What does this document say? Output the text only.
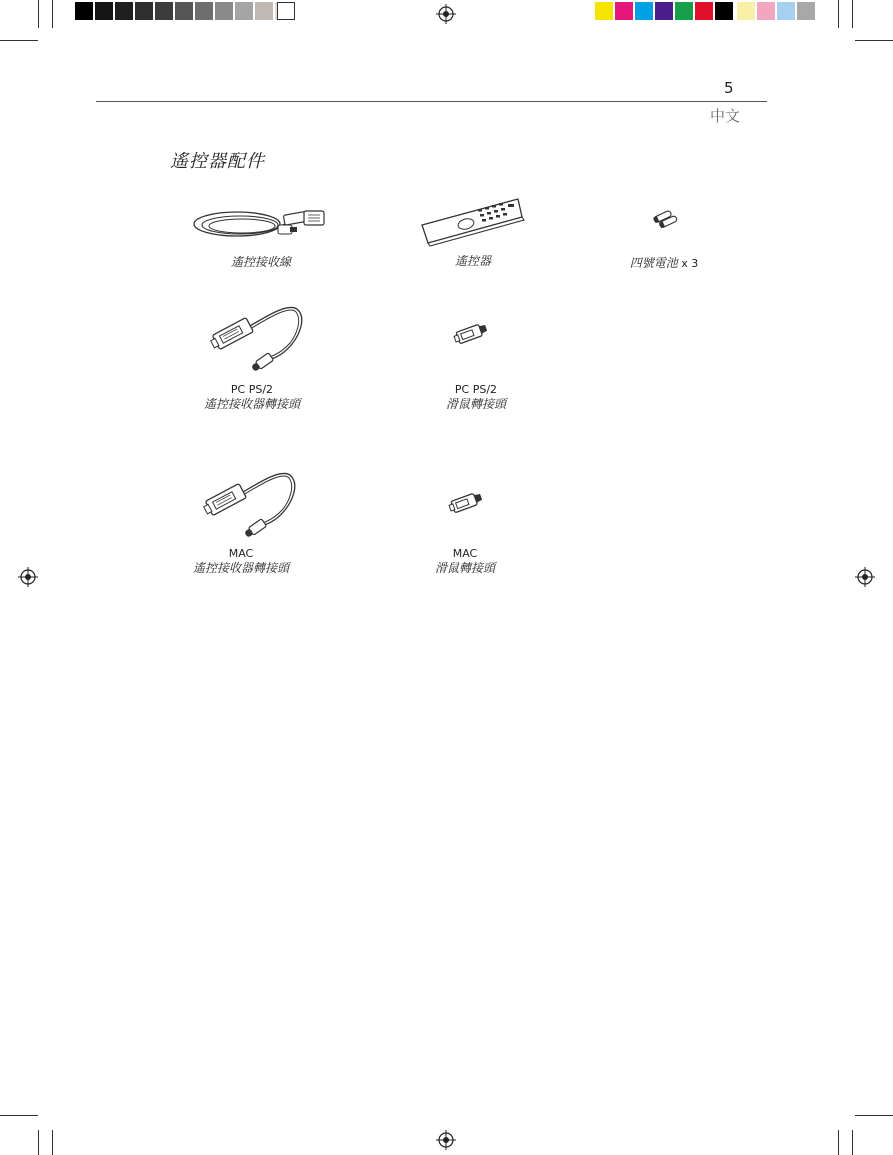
5
中文
遙控器配件
遙控接收線	遙控器	四號電池 x 3
PC PS/2
遙控接收器轉接頭
PC PS/2
滑鼠轉接頭
MAC
遙控接收器轉接頭
MAC
滑鼠轉接頭
